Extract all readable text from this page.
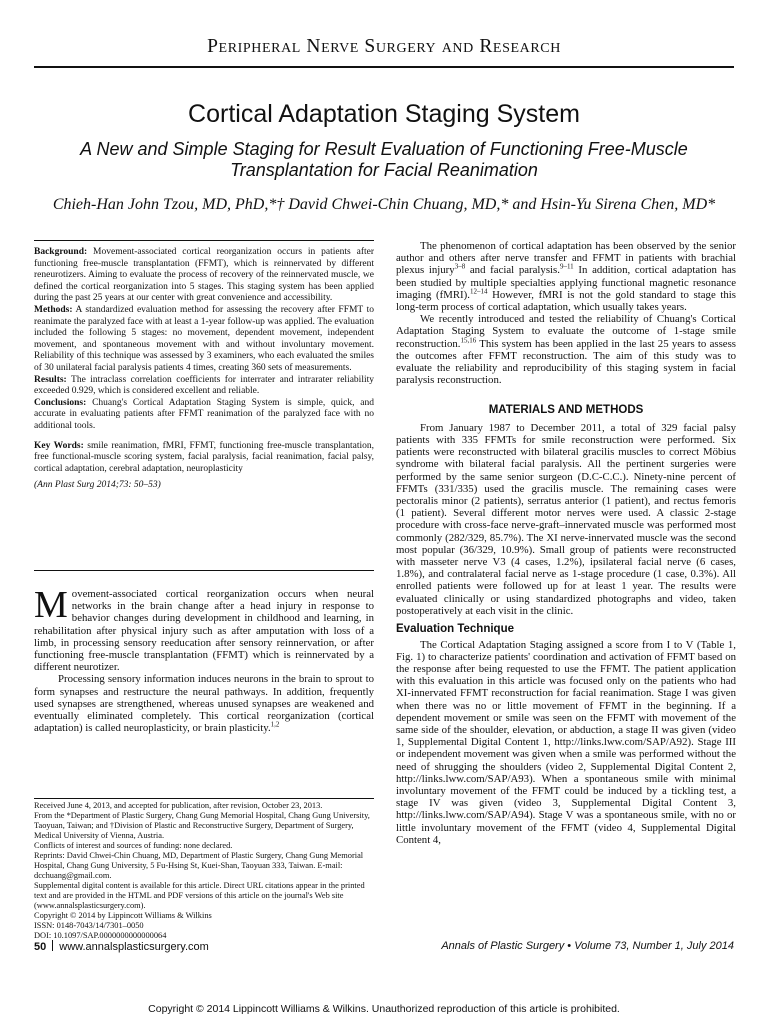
Peripheral Nerve Surgery and Research
Cortical Adaptation Staging System
A New and Simple Staging for Result Evaluation of Functioning Free-Muscle Transplantation for Facial Reanimation
Chieh-Han John Tzou, MD, PhD,*† David Chwei-Chin Chuang, MD,* and Hsin-Yu Sirena Chen, MD*

Background: Movement-associated cortical reorganization occurs in patients after functioning free-muscle transplantation (FFMT), which is reinnervated by different reneurotizers. Aiming to evaluate the process of recovery of the reinnervated muscle, we defined the cortical reorganization into 5 stages. This staging system has been applied during the past 25 years at our center with great convenience and accessibility.

Methods: A standardized evaluation method for assessing the recovery after FFMT to reanimate the paralyzed face with at least a 1-year follow-up was applied. The evaluation included the following 5 stages: no movement, dependent movement, independent movement, and spontaneous movement with and without involuntary movement. Reliability of this technique was assessed by 3 examiners, who each evaluated the smiles of 30 unilateral facial paralysis patients 4 times, creating 360 sets of measurements.

Results: The intraclass correlation coefficients for interrater and intrarater reliability exceeded 0.929, which is considered excellent and reliable.

Conclusions: Chuang's Cortical Adaptation Staging System is simple, quick, and accurate in evaluating patients after FFMT reanimation of the paralyzed face with no additional tools.

Key Words: smile reanimation, fMRI, FFMT, functioning free-muscle transplantation, free functional-muscle scoring system, facial paralysis, facial reanimation, facial palsy, cortical adaptation, cerebral adaptation, neuroplasticity

(Ann Plast Surg 2014;73: 50–53)

Movement-associated cortical reorganization occurs when neural networks in the brain change after a head injury in response to behavior changes during development in childhood and learning, in rehabilitation after physical injury such as after amputation with loss of a limb, in processing sensory reeducation after sensory reinnervation, or after functioning free-muscle transplantation (FFMT) which is reinnervated by a different neurotizer.

Processing sensory information induces neurons in the brain to sprout to form synapses and restructure the neural pathways. In addition, frequently used synapses are strengthened, whereas unused synapses are weakened and eventually eliminated completely. This cortical reorganization (cortical adaptation) is called neuroplasticity, or brain plasticity.$^{1,2}$

Received June 4, 2013, and accepted for publication, after revision, October 23, 2013.

From the *Department of Plastic Surgery, Chang Gung Memorial Hospital, Chang Gung University, Taoyuan, Taiwan; and †Division of Plastic and Reconstructive Surgery, Department of Surgery, Medical University of Vienna, Austria.

Conflicts of interest and sources of funding: none declared.

Reprints: David Chwei-Chin Chuang, MD, Department of Plastic Surgery, Chang Gung Memorial Hospital, Chang Gung University, 5 Fu-Hsing St, Kuei-Shan, Taoyuan 333, Taiwan. E-mail: dcchuang@gmail.com.

Supplemental digital content is available for this article. Direct URL citations appear in the printed text and are provided in the HTML and PDF versions of this article on the journal's Web site (www.annalsplasticsurgery.com).

Copyright © 2014 by Lippincott Williams & Wilkins

ISSN: 0148-7043/14/7301–0050

DOI: 10.1097/SAP.0000000000000064

The phenomenon of cortical adaptation has been observed by the senior author and others after nerve transfer and FFMT in patients with brachial plexus injury$^{3-8}$ and facial paralysis.$^{9-11}$ In addition, cortical adaptation has been studied by multiple specialties applying functional magnetic resonance imaging (fMRI).$^{12-14}$ However, fMRI is not the gold standard to stage this long-term process of cortical adaptation, which usually takes years.

We recently introduced and tested the reliability of Chuang's Cortical Adaptation Staging System to evaluate the outcome of 1-stage smile reconstruction.$^{15,16}$ This system has been applied in the last 25 years to assess the outcomes after FFMT reconstruction. The aim of this study was to evaluate the reliability and reproducibility of this staging system in facial paralysis reconstruction.

MATERIALS AND METHODS

From January 1987 to December 2011, a total of 329 facial palsy patients with 335 FFMTs for smile reconstruction were performed. Six patients were reconstructed with bilateral gracilis muscles to correct Möbius syndrome with bilateral facial paralysis. All the pertinent surgeries were performed by the same senior surgeon (D.C-C.C.). Ninety-nine percent of FFMTs (331/335) used the gracilis muscle. The remaining cases were pectoralis minor (2 patients), serratus anterior (1 patient), and rectus femoris (1 patient). Several different motor nerves were used. A classic 2-stage procedure with cross-face nerve-graft–innervated muscle was performed most commonly (282/329, 85.7%). The XI nerve-innervated muscle was the second most popular (36/329, 10.9%). Small group of patients were reconstructed with masseter nerve V3 (4 cases, 1.2%), ipsilateral facial nerve (6 cases, 1.8%), and contralateral facial nerve as 1-stage procedure (1 case, 0.3%). All enrolled patients were followed up for at least 1 year. The results were evaluated clinically or using standardized photographs and video, taken postoperatively at each visit in the clinic.

Evaluation Technique

The Cortical Adaptation Staging assigned a score from I to V (Table 1, Fig. 1) to characterize patients' coordination and activation of FFMT based on the response after being requested to use the FFMT. The patient application with this evaluation in this article was focused only on the patients who had XI-innervated FFMT reconstruction for facial reanimation. Stage I was given when there was no or little movement of FFMT in the beginning. If a dependent movement or smile was seen on the FFMT with movement of the same side of the shoulder, elevation, or abduction, a stage II was given (video 1, Supplemental Digital Content 1, http://links.lww.com/SAP/A92). Stage III or independent movement was given when a smile was performed without the need of shrugging the shoulders (video 2, Supplemental Digital Content 2, http://links.lww.com/SAP/A93). When a spontaneous smile with minimal involuntary movement of the FFMT could be induced by a tickling test, a stage IV was given (video 3, Supplemental Digital Content 3, http://links.lww.com/SAP/A94). Stage V was a spontaneous smile, with no or little involuntary movement of the FFMT (video 4, Supplemental Digital Content 4,

50 www.annalsplasticsurgery.com	Annals of Plastic Surgery • Volume 73, Number 1, July 2014
Copyright © 2014 Lippincott Williams & Wilkins. Unauthorized reproduction of this article is prohibited.
